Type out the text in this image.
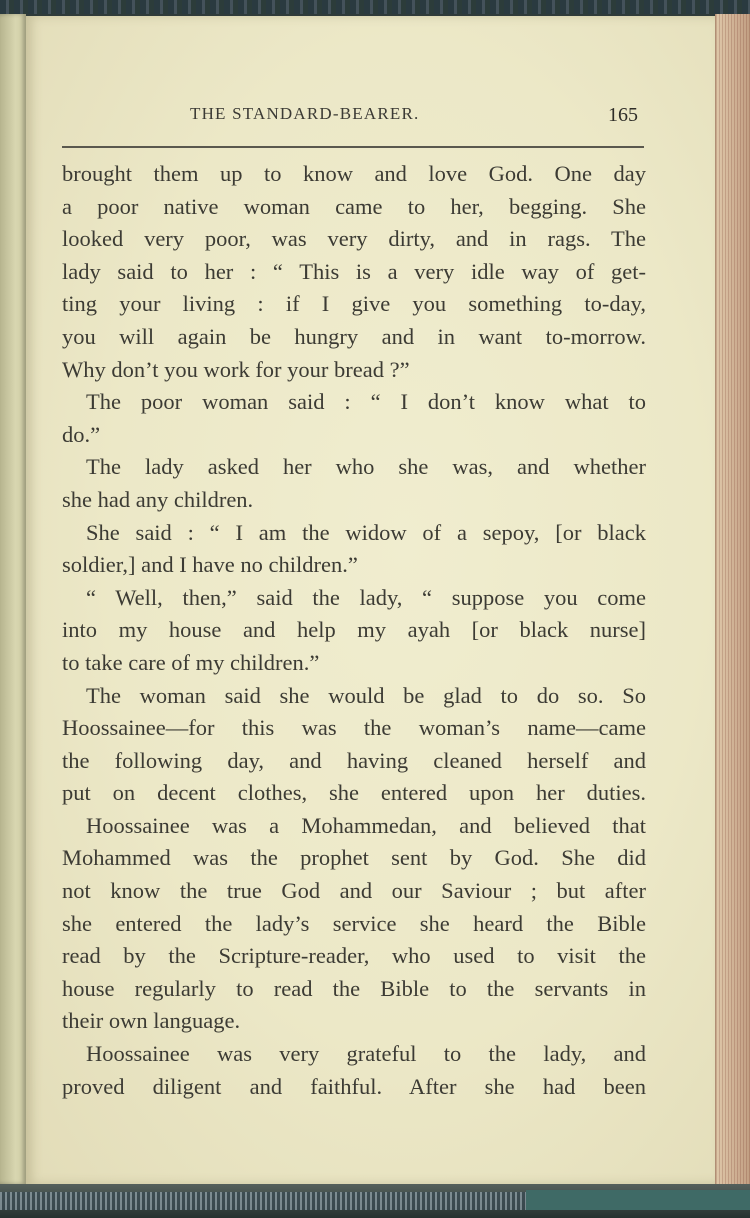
THE STANDARD-BEARER.	165
brought them up to know and love God. One day
a poor native woman came to her, begging. She
looked very poor, was very dirty, and in rags. The
lady said to her : “ This is a very idle way of get-
ting your living : if I give you something to-day,
you will again be hungry and in want to-morrow.
Why don’t you work for your bread ?”
The poor woman said : “ I don’t know what to
do.”
The lady asked her who she was, and whether
she had any children.
She said : “ I am the widow of a sepoy, [or black
soldier,] and I have no children.”
“ Well, then,” said the lady, “ suppose you come
into my house and help my ayah [or black nurse]
to take care of my children.”
The woman said she would be glad to do so. So
Hoossainee—for this was the woman’s name—came
the following day, and having cleaned herself and
put on decent clothes, she entered upon her duties.
Hoossainee was a Mohammedan, and believed that
Mohammed was the prophet sent by God. She did
not know the true God and our Saviour ; but after
she entered the lady’s service she heard the Bible
read by the Scripture-reader, who used to visit the
house regularly to read the Bible to the servants in
their own language.
Hoossainee was very grateful to the lady, and
proved diligent and faithful. After she had been
